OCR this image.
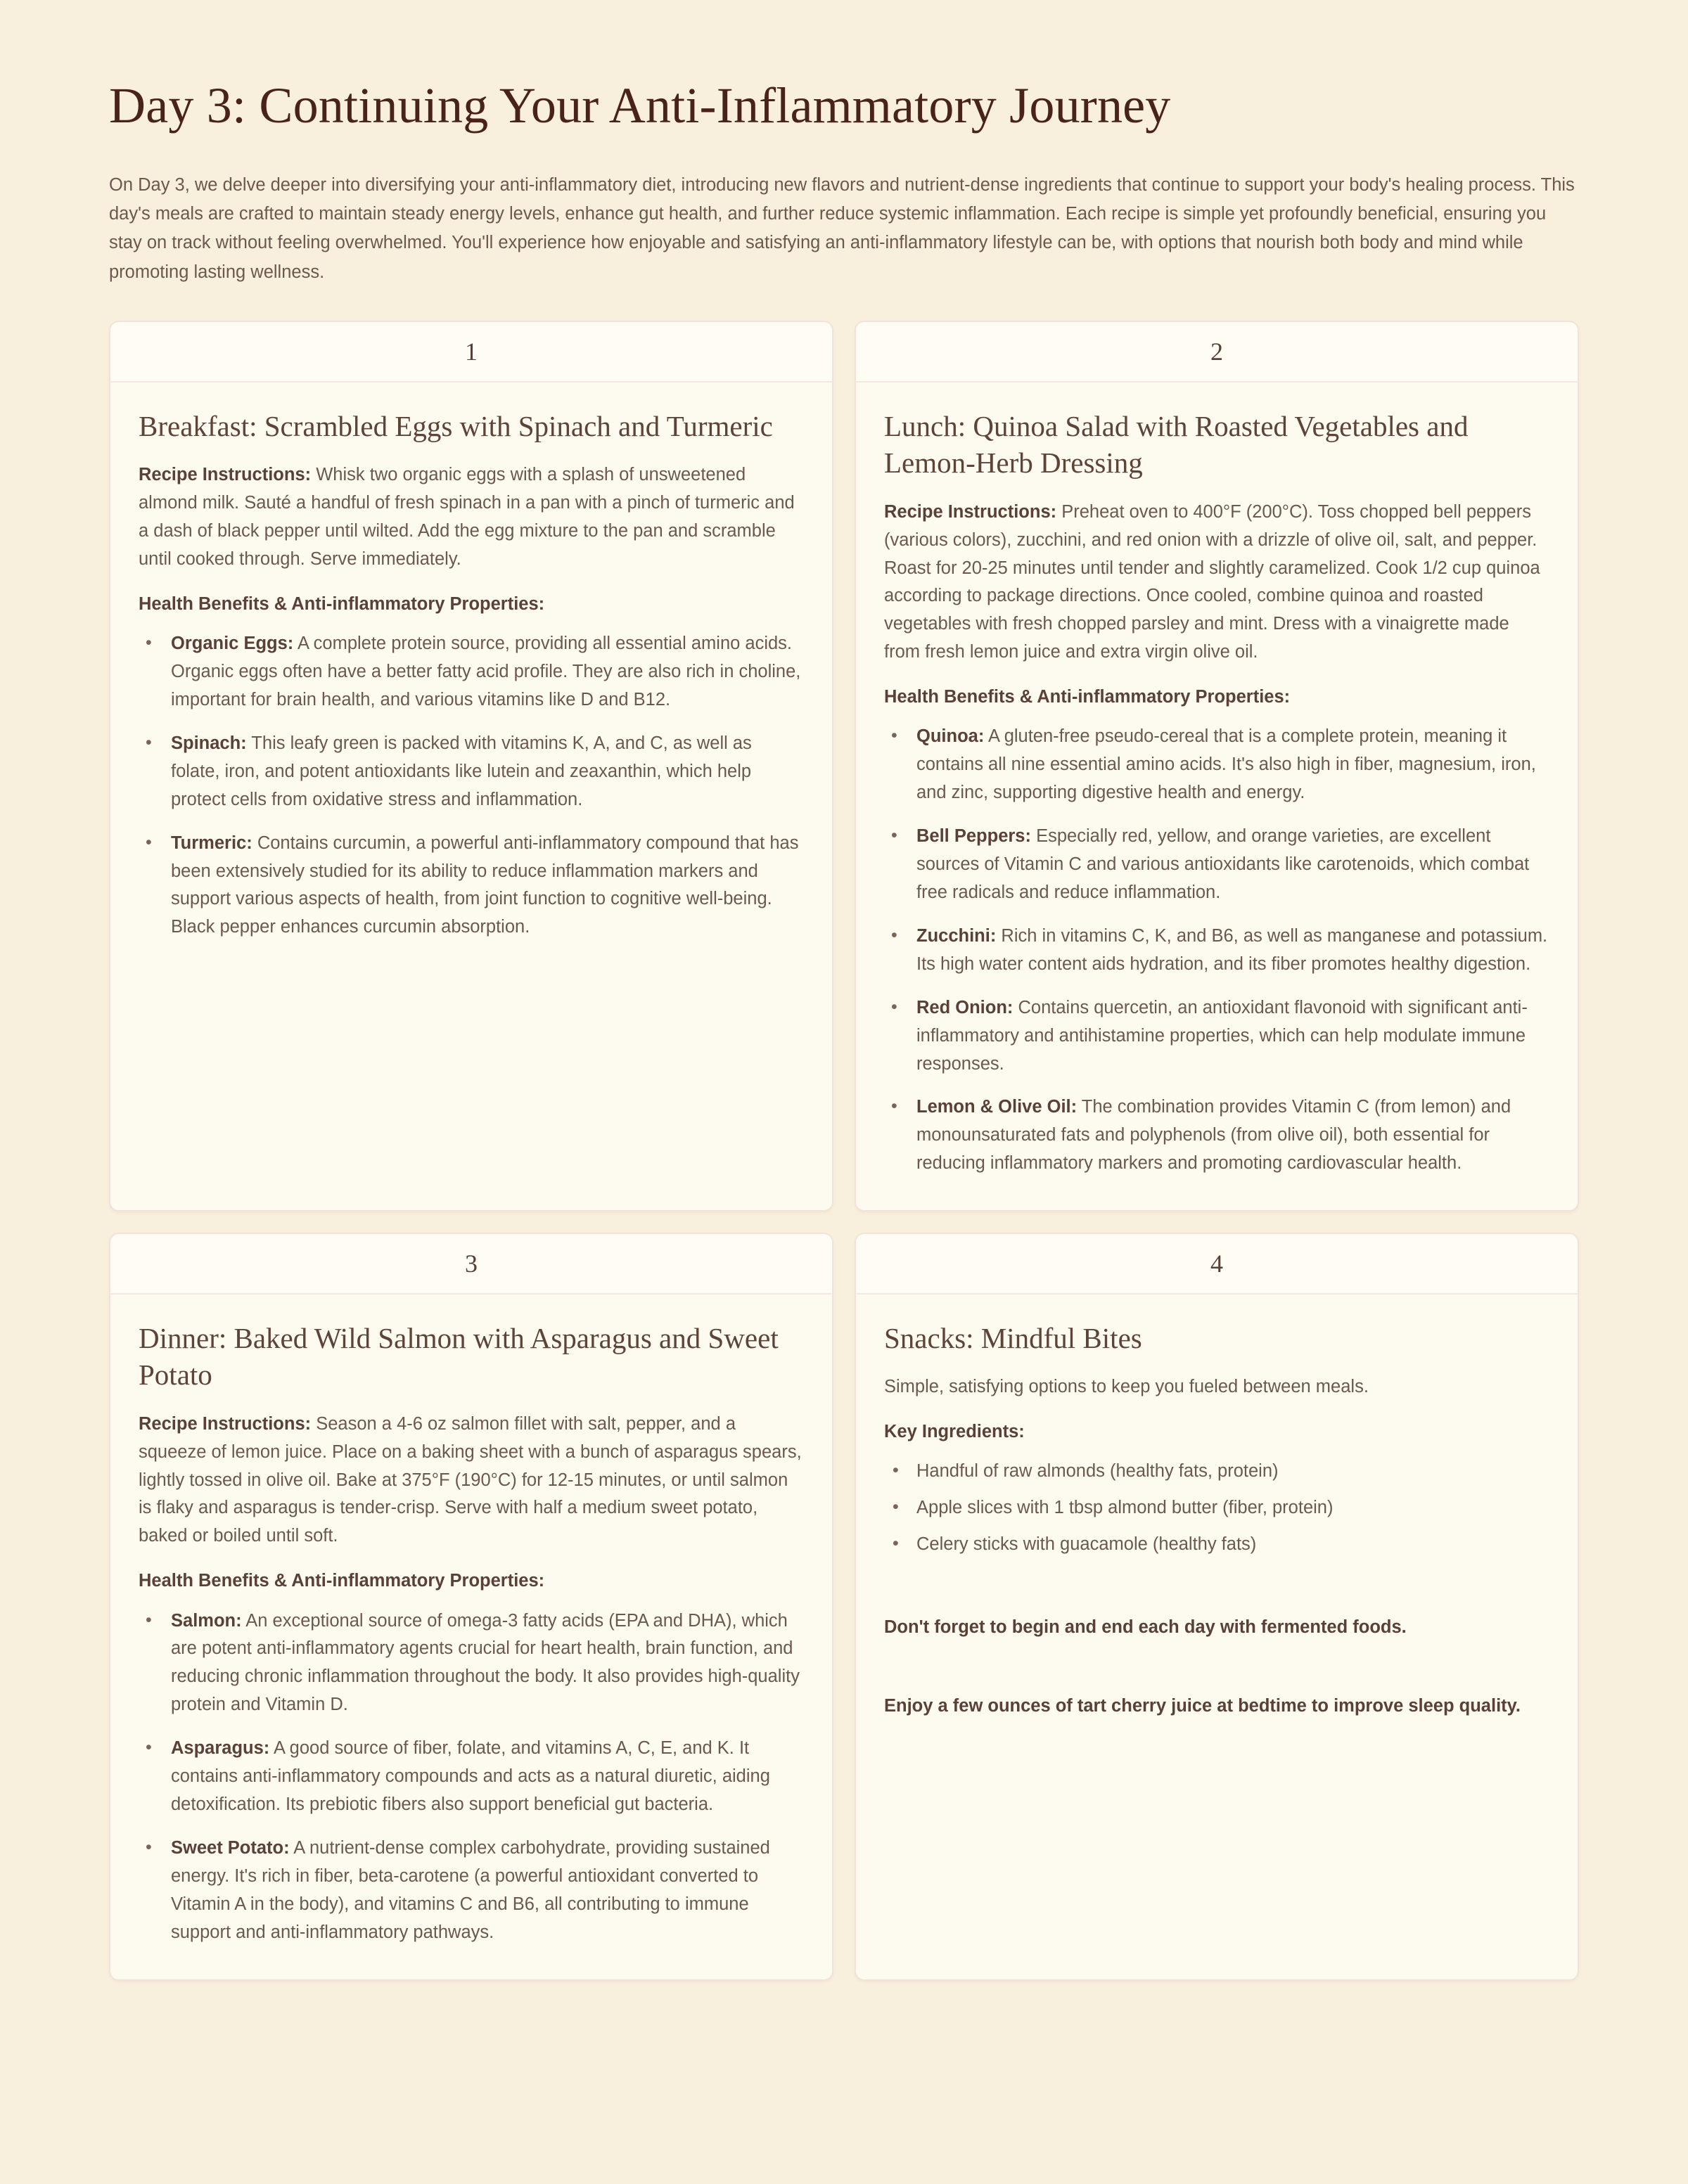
Day 3: Continuing Your Anti-Inflammatory Journey

On Day 3, we delve deeper into diversifying your anti-inflammatory diet, introducing new flavors and nutrient-dense ingredients that continue to support your body's healing process. This day's meals are crafted to maintain steady energy levels, enhance gut health, and further reduce systemic inflammation. Each recipe is simple yet profoundly beneficial, ensuring you stay on track without feeling overwhelmed. You'll experience how enjoyable and satisfying an anti-inflammatory lifestyle can be, with options that nourish both body and mind while promoting lasting wellness.

1
Breakfast: Scrambled Eggs with Spinach and Turmeric

Recipe Instructions: Whisk two organic eggs with a splash of unsweetened almond milk. Sauté a handful of fresh spinach in a pan with a pinch of turmeric and a dash of black pepper until wilted. Add the egg mixture to the pan and scramble until cooked through. Serve immediately.

Health Benefits & Anti-inflammatory Properties:

• Organic Eggs: A complete protein source, providing all essential amino acids. Organic eggs often have a better fatty acid profile. They are also rich in choline, important for brain health, and various vitamins like D and B12.
• Spinach: This leafy green is packed with vitamins K, A, and C, as well as folate, iron, and potent antioxidants like lutein and zeaxanthin, which help protect cells from oxidative stress and inflammation.
• Turmeric: Contains curcumin, a powerful anti-inflammatory compound that has been extensively studied for its ability to reduce inflammation markers and support various aspects of health, from joint function to cognitive well-being. Black pepper enhances curcumin absorption.
2
Lunch: Quinoa Salad with Roasted Vegetables and Lemon-Herb Dressing

Recipe Instructions: Preheat oven to 400°F (200°C). Toss chopped bell peppers (various colors), zucchini, and red onion with a drizzle of olive oil, salt, and pepper. Roast for 20-25 minutes until tender and slightly caramelized. Cook 1/2 cup quinoa according to package directions. Once cooled, combine quinoa and roasted vegetables with fresh chopped parsley and mint. Dress with a vinaigrette made from fresh lemon juice and extra virgin olive oil.

Health Benefits & Anti-inflammatory Properties:

• Quinoa: A gluten-free pseudo-cereal that is a complete protein, meaning it contains all nine essential amino acids. It's also high in fiber, magnesium, iron, and zinc, supporting digestive health and energy.
• Bell Peppers: Especially red, yellow, and orange varieties, are excellent sources of Vitamin C and various antioxidants like carotenoids, which combat free radicals and reduce inflammation.
• Zucchini: Rich in vitamins C, K, and B6, as well as manganese and potassium. Its high water content aids hydration, and its fiber promotes healthy digestion.
• Red Onion: Contains quercetin, an antioxidant flavonoid with significant anti-inflammatory and antihistamine properties, which can help modulate immune responses.
• Lemon & Olive Oil: The combination provides Vitamin C (from lemon) and monounsaturated fats and polyphenols (from olive oil), both essential for reducing inflammatory markers and promoting cardiovascular health.
3
Dinner: Baked Wild Salmon with Asparagus and Sweet Potato

Recipe Instructions: Season a 4-6 oz salmon fillet with salt, pepper, and a squeeze of lemon juice. Place on a baking sheet with a bunch of asparagus spears, lightly tossed in olive oil. Bake at 375°F (190°C) for 12-15 minutes, or until salmon is flaky and asparagus is tender-crisp. Serve with half a medium sweet potato, baked or boiled until soft.

Health Benefits & Anti-inflammatory Properties:

• Salmon: An exceptional source of omega-3 fatty acids (EPA and DHA), which are potent anti-inflammatory agents crucial for heart health, brain function, and reducing chronic inflammation throughout the body. It also provides high-quality protein and Vitamin D.
• Asparagus: A good source of fiber, folate, and vitamins A, C, E, and K. It contains anti-inflammatory compounds and acts as a natural diuretic, aiding detoxification. Its prebiotic fibers also support beneficial gut bacteria.
• Sweet Potato: A nutrient-dense complex carbohydrate, providing sustained energy. It's rich in fiber, beta-carotene (a powerful antioxidant converted to Vitamin A in the body), and vitamins C and B6, all contributing to immune support and anti-inflammatory pathways.
4
Snacks: Mindful Bites

Simple, satisfying options to keep you fueled between meals.

Key Ingredients:

• Handful of raw almonds (healthy fats, protein)
• Apple slices with 1 tbsp almond butter (fiber, protein)
• Celery sticks with guacamole (healthy fats)

Don't forget to begin and end each day with fermented foods.

Enjoy a few ounces of tart cherry juice at bedtime to improve sleep quality.
